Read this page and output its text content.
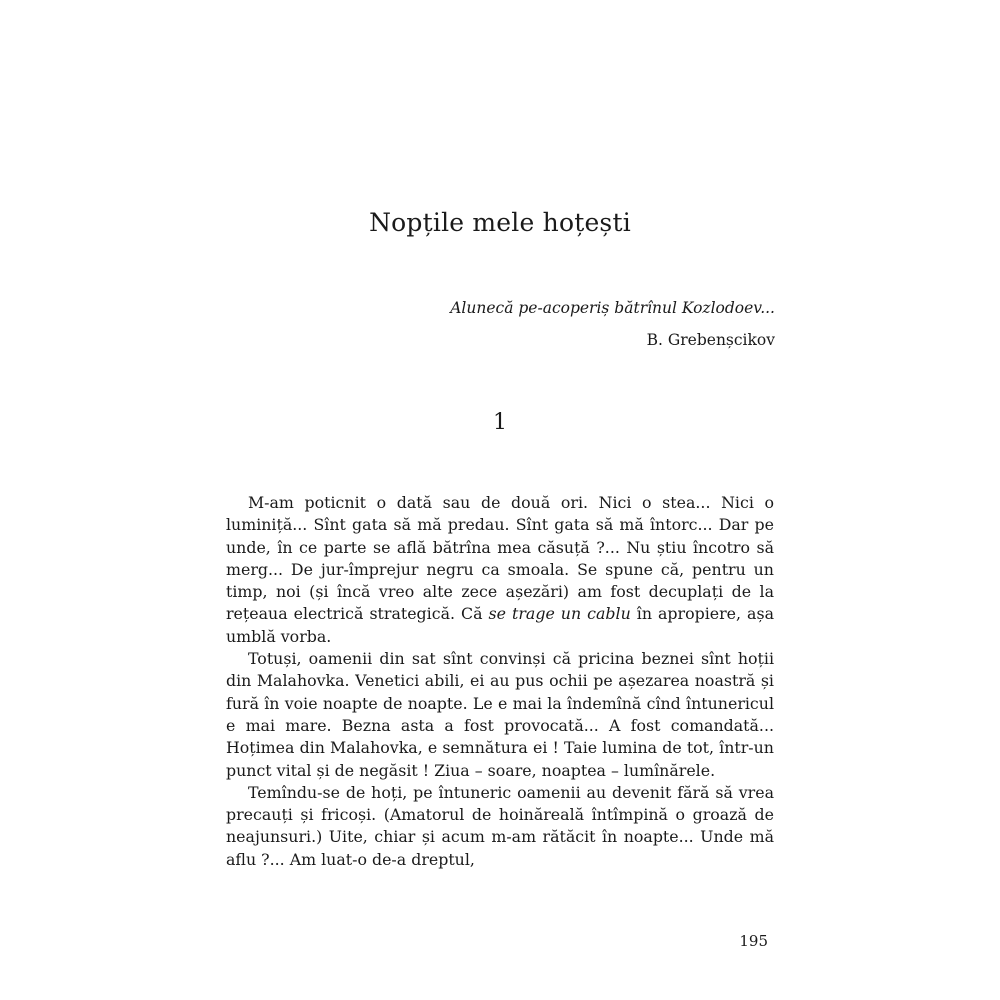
Nopțile mele hoțești
Alunecă pe-acoperiș bătrînul Kozlodoev...
B. Grebenșcikov
1

M-am poticnit o dată sau de două ori. Nici o stea... Nici o luminiță... Sînt gata să mă predau. Sînt gata să mă întorc... Dar pe unde, în ce parte se află bătrîna mea căsuță ?... Nu știu încotro să merg... De jur-împrejur negru ca smoala. Se spune că, pentru un timp, noi (și încă vreo alte zece așezări) am fost decuplați de la rețeaua electrică strategică. Că se trage un cablu în apropiere, așa umblă vorba.

Totuși, oamenii din sat sînt convinși că pricina beznei sînt hoții din Malahovka. Venetici abili, ei au pus ochii pe așezarea noastră și fură în voie noapte de noapte. Le e mai la îndemînă cînd întunericul e mai mare. Bezna asta a fost provocată... A fost comandată... Hoțimea din Malahovka, e semnătura ei ! Taie lumina de tot, într-un punct vital și de negăsit ! Ziua – soare, noaptea – lumînărele.

Temîndu-se de hoți, pe întuneric oamenii au devenit fără să vrea precauți și fricoși. (Amatorul de hoinăreală întîmpină o groază de neajunsuri.) Uite, chiar și acum m-am rătăcit în noapte... Unde mă aflu ?... Am luat-o de-a dreptul,

195
